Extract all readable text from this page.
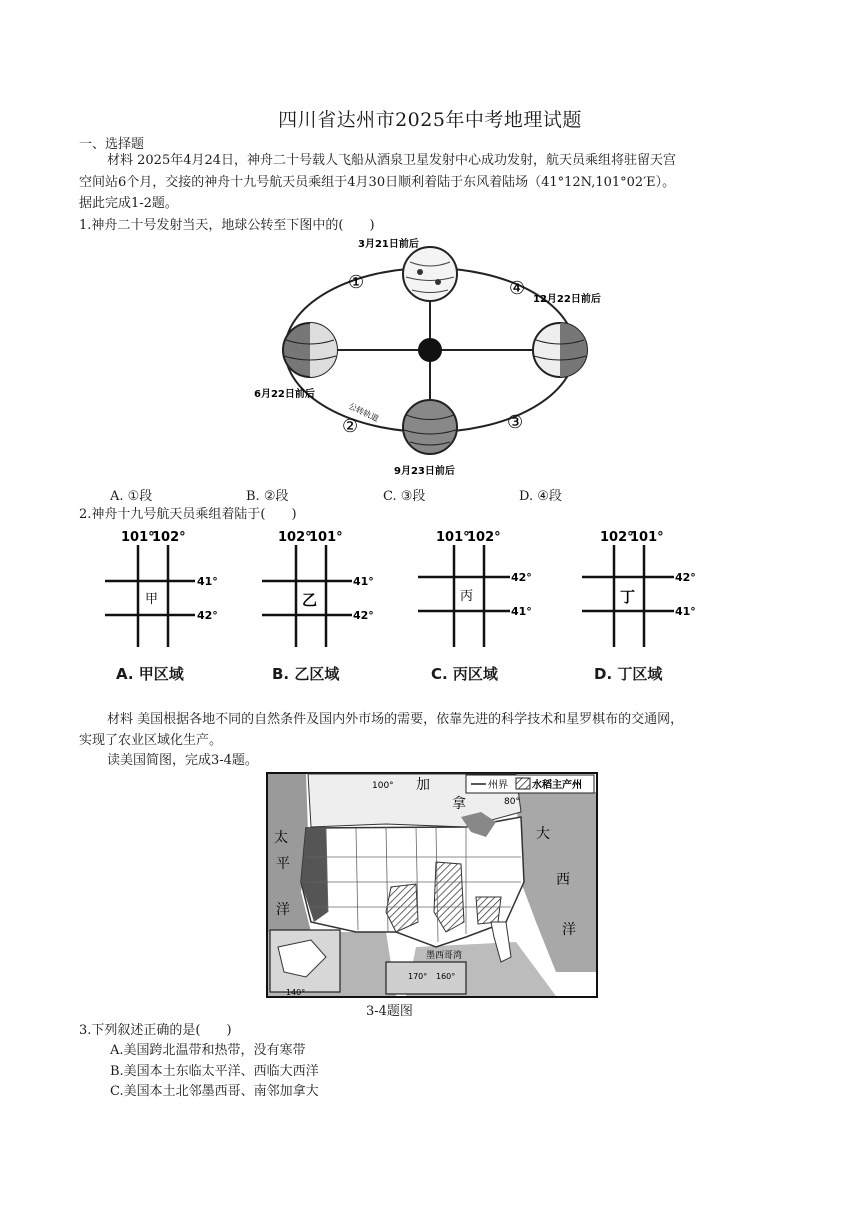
四川省达州市2025年中考地理试题
一、选择题
材料 2025年4月24日，神舟二十号载人飞船从酒泉卫星发射中心成功发射，航天员乘组将驻留天宫
空间站6个月，交接的神舟十九号航天员乘组于4月30日顺利着陆于东风着陆场（41°12N,101°02′E）。
据此完成1-2题。
1.神舟二十号发射当天，地球公转至下图中的(　　)
3月21日前后
6月22日前后
9月23日前后
12月22日前后
公转轨道
①
②	③
④
A. ①段	B. ②段	C. ③段	D. ④段
2.神舟十九号航天员乘组着陆于(　　)
101°
102°
41°
42°
甲
A. 甲区域
102°
101°
41°
42°
乙
B. 乙区域
101°
102°
42°
41°
丙
C. 丙区域
102°
101°
42°
41°
丁
D. 丁区域
材料 美国根据各地不同的自然条件及国内外市场的需要，依靠先进的科学技术和星罗棋布的交通网，
实现了农业区域化生产。
读美国简图，完成3-4题。
州界 水稻主产州
加
拿
100°
80°
太
平
洋
大
西
洋
墨西哥湾
170° 160°
140°
3-4题图
3.下列叙述正确的是(　　)
A.美国跨北温带和热带，没有寒带
B.美国本土东临太平洋、西临大西洋
C.美国本土北邻墨西哥、南邻加拿大
